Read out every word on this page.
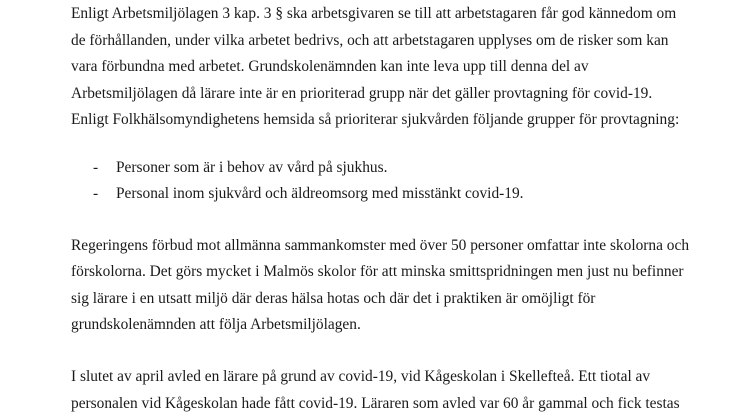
Enligt Arbetsmiljölagen 3 kap. 3 § ska arbetsgivaren se till att arbetstagaren får god kännedom om
de förhållanden, under vilka arbetet bedrivs, och att arbetstagaren upplyses om de risker som kan
vara förbundna med arbetet. Grundskolenämnden kan inte leva upp till denna del av
Arbetsmiljölagen då lärare inte är en prioriterad grupp när det gäller provtagning för covid-19.
Enligt Folkhälsomyndighetens hemsida så prioriterar sjukvården följande grupper för provtagning:
- Personer som är i behov av vård på sjukhus.
- Personal inom sjukvård och äldreomsorg med misstänkt covid-19.
Regeringens förbud mot allmänna sammankomster med över 50 personer omfattar inte skolorna och
förskolorna. Det görs mycket i Malmös skolor för att minska smittspridningen men just nu befinner
sig lärare i en utsatt miljö där deras hälsa hotas och där det i praktiken är omöjligt för
grundskolenämnden att följa Arbetsmiljölagen.
I slutet av april avled en lärare på grund av covid-19, vid Kågeskolan i Skellefteå. Ett tiotal av
personalen vid Kågeskolan hade fått covid-19. Läraren som avled var 60 år gammal och fick testas
